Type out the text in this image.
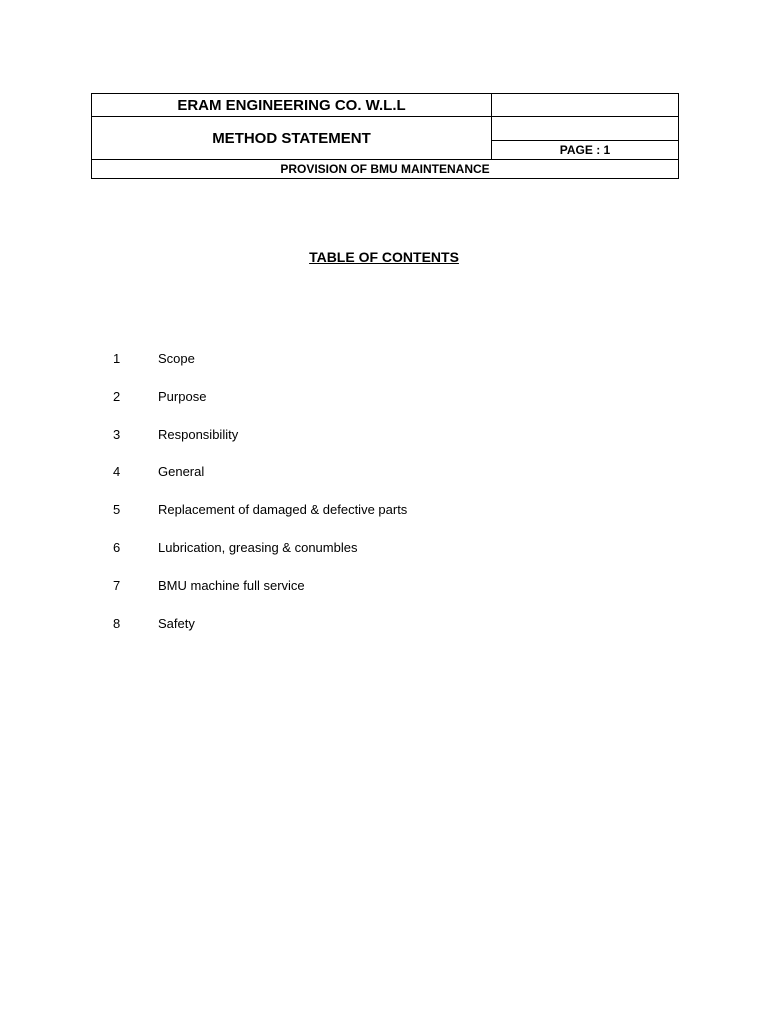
ERAM ENGINEERING CO. W.L.L	
METHOD STATEMENT	
	PAGE : 1
PROVISION OF BMU MAINTENANCE	
TABLE OF CONTENTS
1	Scope
2	Purpose
3	Responsibility
4	General
5	Replacement of damaged & defective parts
6	Lubrication, greasing & conumbles
7	BMU machine full service
8	Safety
